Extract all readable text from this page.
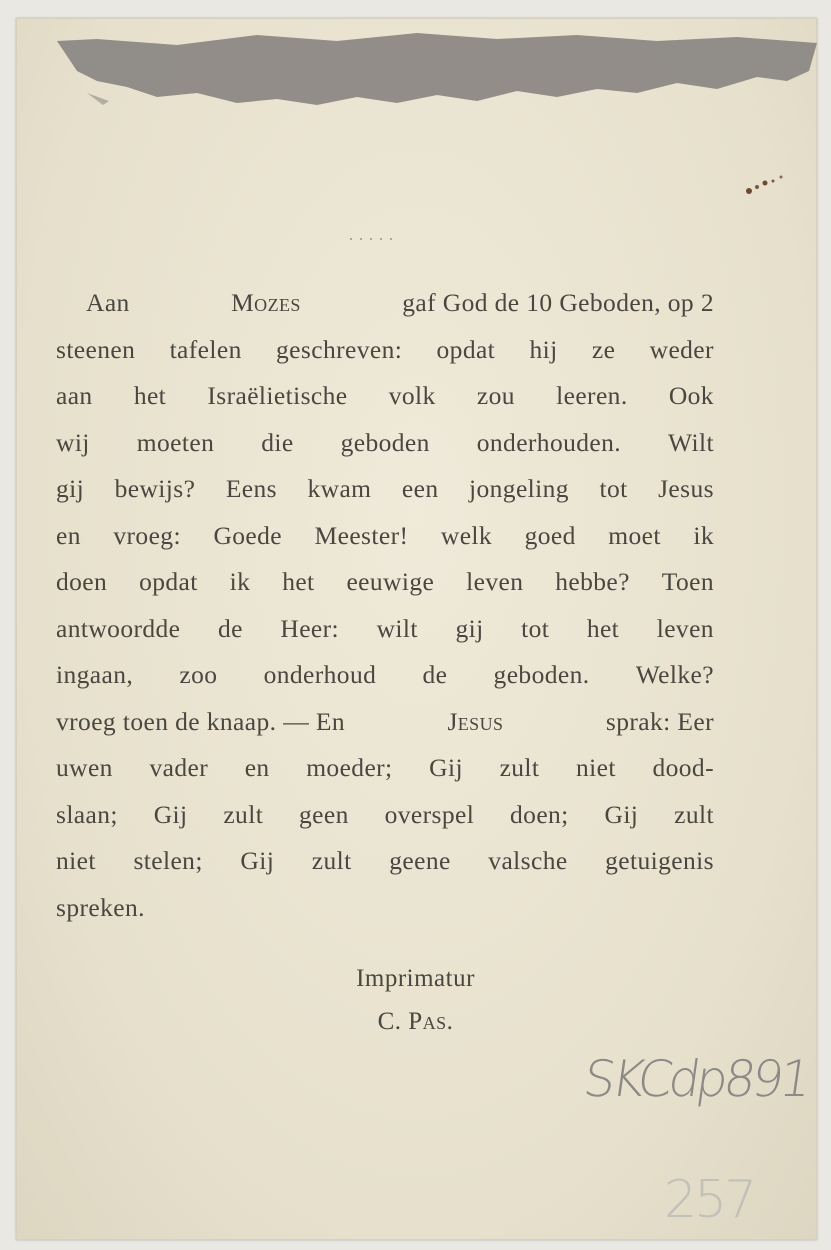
Aan	Mozes	gaf God de 10 Geboden, op 2
steenen tafelen geschreven: opdat hij ze weder
aan het Israëlietische volk zou leeren. Ook
wij moeten die geboden onderhouden. Wilt
gij bewijs? Eens kwam een jongeling tot Jesus
en vroeg: Goede Meester! welk goed moet ik
doen opdat ik het eeuwige leven hebbe? Toen
antwoordde de Heer: wilt gij tot het leven
ingaan, zoo onderhoud de geboden. Welke?
vroeg toen de knaap. — En	Jesus	sprak: Eer
uwen vader en moeder; Gij zult niet dood-
slaan; Gij zult geen overspel doen; Gij zult
niet stelen; Gij zult geene valsche getuigenis
spreken.
Imprimatur
C. Pas.
SKCdp891
257
